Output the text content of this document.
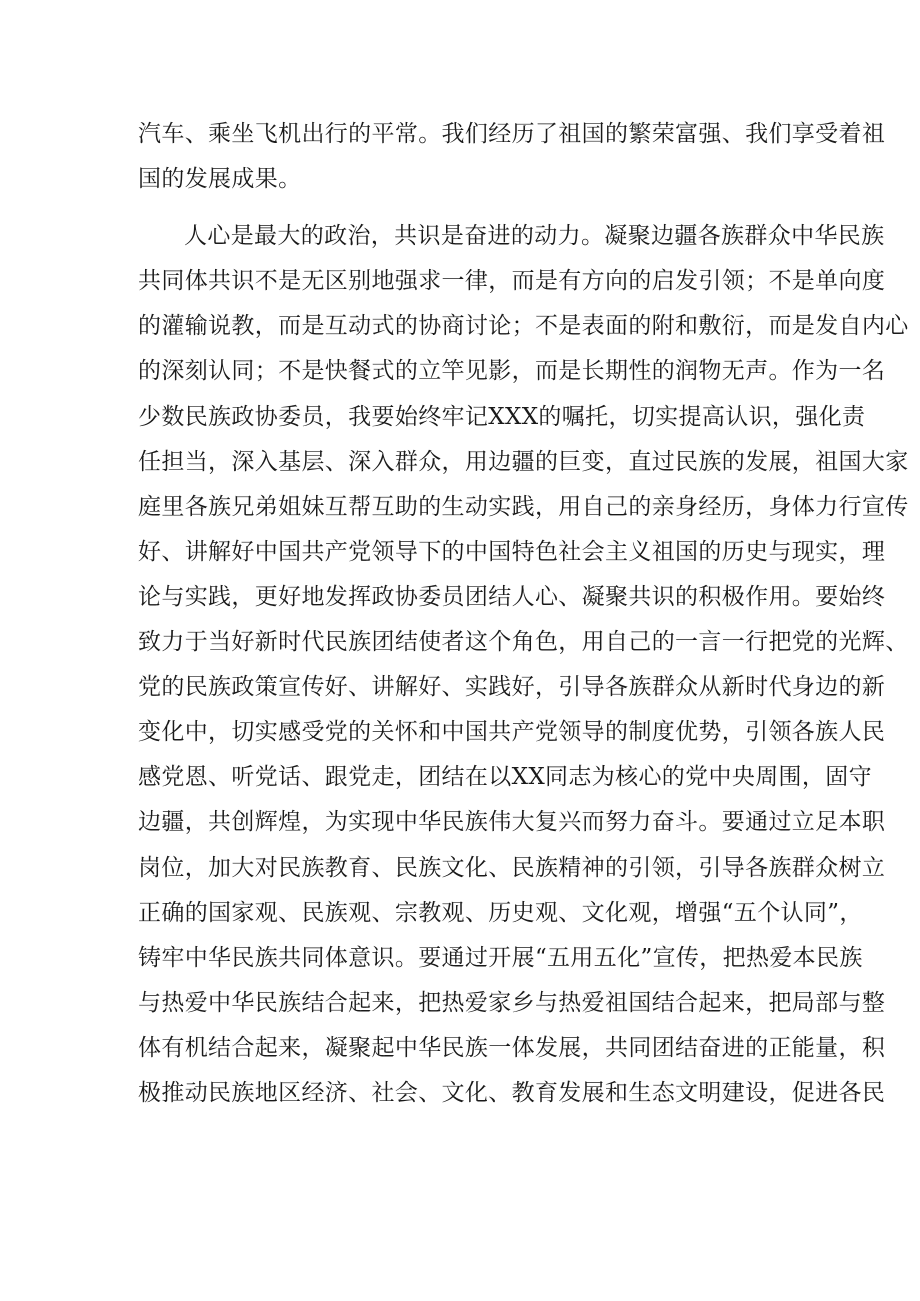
汽车、乘坐飞机出行的平常。我们经历了祖国的繁荣富强、我们享受着祖
国的发展成果。
人心是最大的政治，共识是奋进的动力。凝聚边疆各族群众中华民族
共同体共识不是无区别地强求一律，而是有方向的启发引领；不是单向度
的灌输说教，而是互动式的协商讨论；不是表面的附和敷衍，而是发自内心
的深刻认同；不是快餐式的立竿见影，而是长期性的润物无声。作为一名
少数民族政协委员，我要始终牢记XXX的嘱托，切实提高认识，强化责
任担当，深入基层、深入群众，用边疆的巨变，直过民族的发展，祖国大家
庭里各族兄弟姐妹互帮互助的生动实践，用自己的亲身经历，身体力行宣传
好、讲解好中国共产党领导下的中国特色社会主义祖国的历史与现实，理
论与实践，更好地发挥政协委员团结人心、凝聚共识的积极作用。要始终
致力于当好新时代民族团结使者这个角色，用自己的一言一行把党的光辉、
党的民族政策宣传好、讲解好、实践好，引导各族群众从新时代身边的新
变化中，切实感受党的关怀和中国共产党领导的制度优势，引领各族人民
感党恩、听党话、跟党走，团结在以XX同志为核心的党中央周围，固守
边疆，共创辉煌，为实现中华民族伟大复兴而努力奋斗。要通过立足本职
岗位，加大对民族教育、民族文化、民族精神的引领，引导各族群众树立
正确的国家观、民族观、宗教观、历史观、文化观，增强“五个认同”，
铸牢中华民族共同体意识。要通过开展“五用五化”宣传，把热爱本民族
与热爱中华民族结合起来，把热爱家乡与热爱祖国结合起来，把局部与整
体有机结合起来，凝聚起中华民族一体发展，共同团结奋进的正能量，积
极推动民族地区经济、社会、文化、教育发展和生态文明建设，促进各民
